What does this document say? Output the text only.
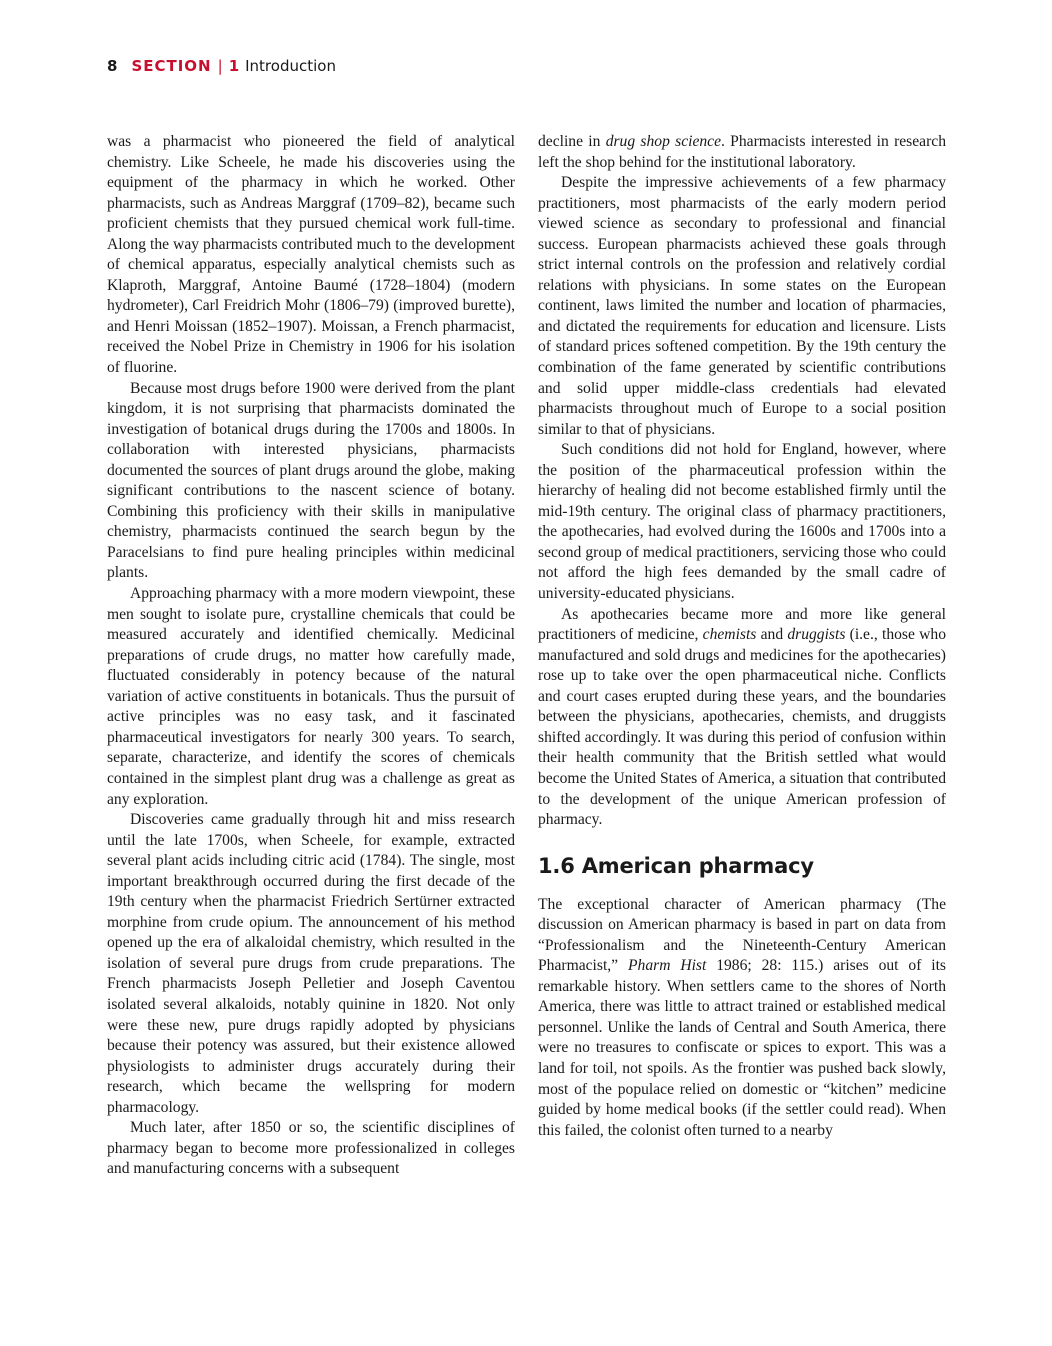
8 SECTION | 1 Introduction

was a pharmacist who pioneered the field of analytical chemistry. Like Scheele, he made his discoveries using the equipment of the pharmacy in which he worked. Other pharmacists, such as Andreas Marggraf (1709–82), became such proficient chemists that they pursued chemical work full-time. Along the way pharmacists contributed much to the development of chemical apparatus, especially analytical chemists such as Klaproth, Marggraf, Antoine Baumé (1728–1804) (modern hydrometer), Carl Freidrich Mohr (1806–79) (improved burette), and Henri Moissan (1852–1907). Moissan, a French pharmacist, received the Nobel Prize in Chemistry in 1906 for his isolation of fluorine.

Because most drugs before 1900 were derived from the plant kingdom, it is not surprising that pharmacists dominated the investigation of botanical drugs during the 1700s and 1800s. In collaboration with interested physicians, pharmacists documented the sources of plant drugs around the globe, making significant contributions to the nascent science of botany. Combining this proficiency with their skills in manipulative chemistry, pharmacists continued the search begun by the Paracelsians to find pure healing principles within medicinal plants.

Approaching pharmacy with a more modern viewpoint, these men sought to isolate pure, crystalline chemicals that could be measured accurately and identified chemically. Medicinal preparations of crude drugs, no matter how carefully made, fluctuated considerably in potency because of the natural variation of active constituents in botanicals. Thus the pursuit of active principles was no easy task, and it fascinated pharmaceutical investigators for nearly 300 years. To search, separate, characterize, and identify the scores of chemicals contained in the simplest plant drug was a challenge as great as any exploration.

Discoveries came gradually through hit and miss research until the late 1700s, when Scheele, for example, extracted several plant acids including citric acid (1784). The single, most important breakthrough occurred during the first decade of the 19th century when the pharmacist Friedrich Sertürner extracted morphine from crude opium. The announcement of his method opened up the era of alkaloidal chemistry, which resulted in the isolation of several pure drugs from crude preparations. The French pharmacists Joseph Pelletier and Joseph Caventou isolated several alkaloids, notably quinine in 1820. Not only were these new, pure drugs rapidly adopted by physicians because their potency was assured, but their existence allowed physiologists to administer drugs accurately during their research, which became the wellspring for modern pharmacology.

Much later, after 1850 or so, the scientific disciplines of pharmacy began to become more professionalized in colleges and manufacturing concerns with a subsequent

decline in drug shop science. Pharmacists interested in research left the shop behind for the institutional laboratory.

Despite the impressive achievements of a few pharmacy practitioners, most pharmacists of the early modern period viewed science as secondary to professional and financial success. European pharmacists achieved these goals through strict internal controls on the profession and relatively cordial relations with physicians. In some states on the European continent, laws limited the number and location of pharmacies, and dictated the requirements for education and licensure. Lists of standard prices softened competition. By the 19th century the combination of the fame generated by scientific contributions and solid upper middle-class credentials had elevated pharmacists throughout much of Europe to a social position similar to that of physicians.

Such conditions did not hold for England, however, where the position of the pharmaceutical profession within the hierarchy of healing did not become established firmly until the mid-19th century. The original class of pharmacy practitioners, the apothecaries, had evolved during the 1600s and 1700s into a second group of medical practitioners, servicing those who could not afford the high fees demanded by the small cadre of university-educated physicians.

As apothecaries became more and more like general practitioners of medicine, chemists and druggists (i.e., those who manufactured and sold drugs and medicines for the apothecaries) rose up to take over the open pharmaceutical niche. Conflicts and court cases erupted during these years, and the boundaries between the physicians, apothecaries, chemists, and druggists shifted accordingly. It was during this period of confusion within their health community that the British settled what would become the United States of America, a situation that contributed to the development of the unique American profession of pharmacy.

1.6 American pharmacy

The exceptional character of American pharmacy (The discussion on American pharmacy is based in part on data from “Professionalism and the Nineteenth-Century American Pharmacist,” Pharm Hist 1986; 28: 115.) arises out of its remarkable history. When settlers came to the shores of North America, there was little to attract trained or established medical personnel. Unlike the lands of Central and South America, there were no treasures to confiscate or spices to export. This was a land for toil, not spoils. As the frontier was pushed back slowly, most of the populace relied on domestic or “kitchen” medicine guided by home medical books (if the settler could read). When this failed, the colonist often turned to a nearby
